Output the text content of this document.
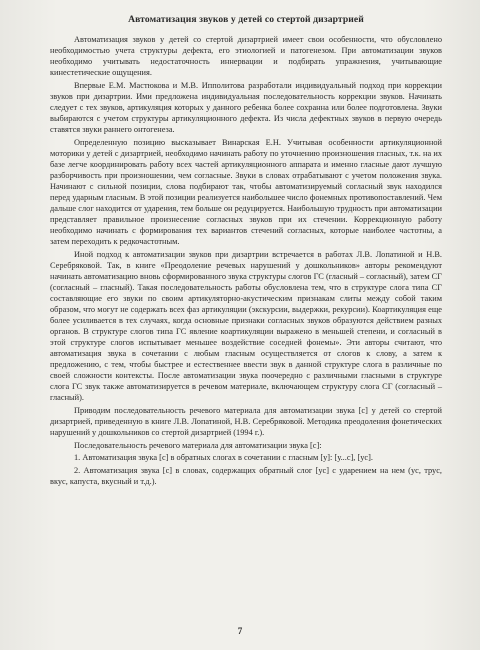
Автоматизация звуков у детей со стертой дизартрией

Автоматизация звуков у детей со стертой дизартрией имеет свои особенности, что обусловлено необходимостью учета структуры дефекта, его этиологией и патогенезом. При автоматизации звуков необходимо учитывать недостаточность иннервации и подбирать упражнения, учитывающие кинестетические ощущения.

Впервые Е.М. Мастюкова и М.В. Ипполитова разработали индивидуальный подход при коррекции звуков при дизартрии. Ими предложена индивидуальная последовательность коррекции звуков. Начинать следует с тех звуков, артикуляция которых у данного ребенка более сохранна или более подготовлена. Звуки выбираются с учетом структуры артикуляционного дефекта. Из числа дефектных звуков в первую очередь ставятся звуки раннего онтогенеза.

Определенную позицию высказывает Винарская Е.Н. Учитывая особенности артикуляционной моторики у детей с дизартрией, необходимо начинать работу по уточнению произношения гласных, т.к. на их базе легче координировать работу всех частей артикуляционного аппарата и именно гласные дают лучшую разборчивость при произношении, чем согласные. Звуки в словах отрабатывают с учетом положения звука. Начинают с сильной позиции, слова подбирают так, чтобы автоматизируемый согласный звук находился перед ударным гласным. В этой позиции реализуется наибольшее число фонемных противопоставлений. Чем дальше слог находится от ударения, тем больше он редуцируется. Наибольшую трудность при автоматизации представляет правильное произнесение согласных звуков при их стечении. Коррекционную работу необходимо начинать с формирования тех вариантов стечений согласных, которые наиболее частотны, а затем переходить к редкочастотным.

Иной подход к автоматизации звуков при дизартрии встречается в работах Л.В. Лопатиной и Н.В. Серебряковой. Так, в книге «Преодоление речевых нарушений у дошкольников» авторы рекомендуют начинать автоматизацию вновь сформированного звука структуры слогов ГС (гласный – согласный), затем СГ (согласный – гласный). Такая последовательность работы обусловлена тем, что в структуре слога типа СГ составляющие его звуки по своим артикуляторно-акустическим признакам слиты между собой таким образом, что могут не содержать всех фаз артикуляции (экскурсии, выдержки, рекурсии). Коартикуляция еще более усиливается в тех случаях, когда основные признаки согласных звуков образуются действием разных органов. В структуре слогов типа ГС явление коартикуляции выражено в меньшей степени, и согласный в этой структуре слогов испытывает меньшее воздействие соседней фонемы». Эти авторы считают, что автоматизация звука в сочетании с любым гласным осуществляется от слогов к слову, а затем к предложению, с тем, чтобы быстрее и естественнее ввести звук в данной структуре слога в различные по своей сложности контексты. После автоматизации звука поочередно с различными гласными в структуре слога ГС звук также автоматизируется в речевом материале, включающем структуру слога СГ (согласный – гласный).

Приводим последовательность речевого материала для автоматизации звука [с] у детей со стертой дизартрией, приведенную в книге Л.В. Лопатиной, Н.В. Серебряковой. Методика преодоления фонетических нарушений у дошкольников со стертой дизартрией (1994 г.).

Последовательность речевого материала для автоматизации звука [с]:

1. Автоматизация звука [с] в обратных слогах в сочетании с гласным [у]: [у...с], [ус].

2. Автоматизация звука [с] в словах, содержащих обратный слог [ус] с ударением на нем (ус, трус, вкус, капуста, вкусный и т.д.).

7
